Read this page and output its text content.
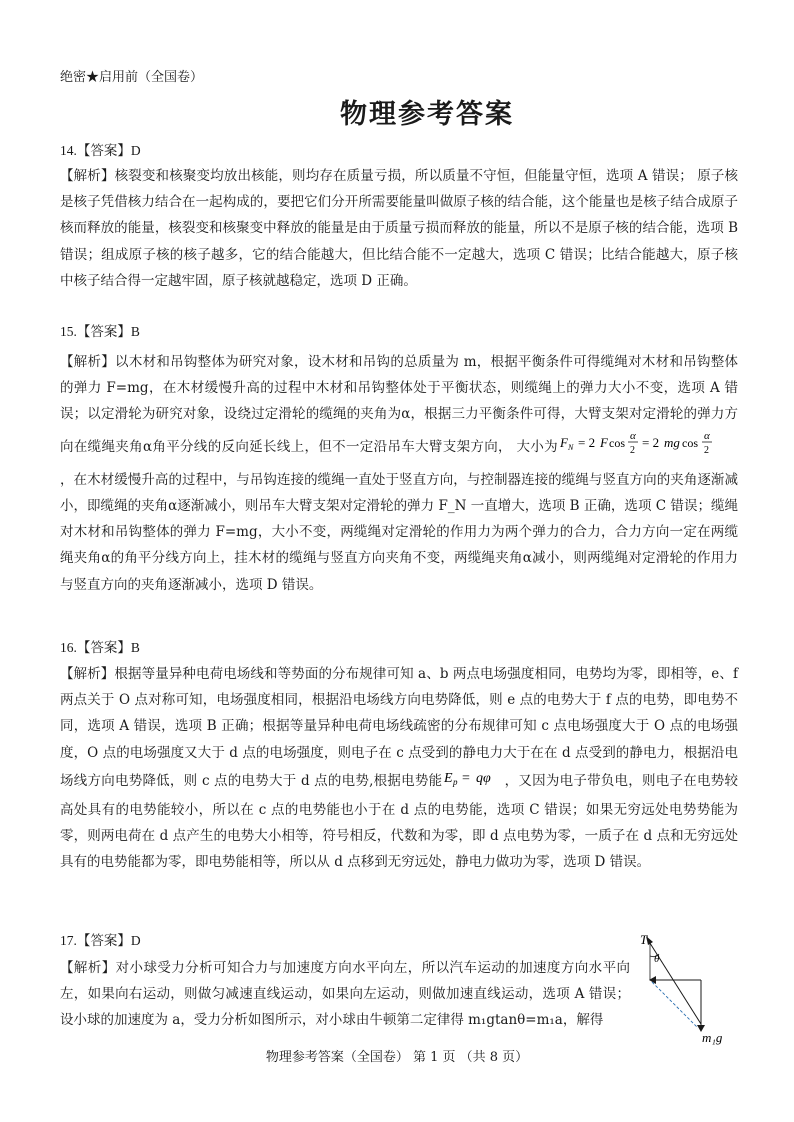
绝密★启用前（全国卷）
物理参考答案
14.【答案】D

【解析】核裂变和核聚变均放出核能，则均存在质量亏损，所以质量不守恒，但能量守恒，选项 A 错误； 原子核是核子凭借核力结合在一起构成的，要把它们分开所需要能量叫做原子核的结合能，这个能量也是核子结合成原子核而释放的能量，核裂变和核聚变中释放的能量是由于质量亏损而释放的能量，所以不是原子核的结合能，选项 B 错误；组成原子核的核子越多，它的结合能越大，但比结合能不一定越大，选项 C 错误；比结合能越大，原子核中核子结合得一定越牢固，原子核就越稳定，选项 D 正确。

15.【答案】B

【解析】以木材和吊钩整体为研究对象，设木材和吊钩的总质量为 m，根据平衡条件可得缆绳对木材和吊钩整体的弹力 F=mg，在木材缓慢升高的过程中木材和吊钩整体处于平衡状态，则缆绳上的弹力大小不变，选项 A 错误；以定滑轮为研究对象，设绕过定滑轮的缆绳的夹角为α，根据三力平衡条件可得，大臂支架对定滑轮的弹力方向在缆绳夹角α角平分线的反向延长线上，但不一定沿吊车大臂支架方向， 大小为 F N = 2 F cos α
2
= 2 mg cos α
2
，在木材缓慢升高的过程中，与吊钩连接的缆绳一直处于竖直方向，与控制器连接的缆绳与竖直方向的夹角逐渐减小，即缆绳的夹角α逐渐减小，则吊车大臂支架对定滑轮的弹力 F_N 一直增大，选项 B 正确，选项 C 错误；缆绳对木材和吊钩整体的弹力 F=mg，大小不变，两缆绳对定滑轮的作用力为两个弹力的合力，合力方向一定在两缆绳夹角α的角平分线方向上，挂木材的缆绳与竖直方向夹角不变，两缆绳夹角α减小，则两缆绳对定滑轮的作用力与竖直方向的夹角逐渐减小，选项 D 错误。

16.【答案】B

【解析】根据等量异种电荷电场线和等势面的分布规律可知 a、b 两点电场强度相同，电势均为零，即相等，e、f 两点关于 O 点对称可知，电场强度相同，根据沿电场线方向电势降低，则 e 点的电势大于 f 点的电势，即电势不同，选项 A 错误，选项 B 正确；根据等量异种电荷电场线疏密的分布规律可知 c 点电场强度大于 O 点的电场强度，O 点的电场强度又大于 d 点的电场强度，则电子在 c 点受到的静电力大于在在 d 点受到的静电力，根据沿电场线方向电势降低，则 c 点的电势大于 d 点的电势,根据电势能 E p = qφ ，又因为电子带负电，则电子在电势较高处具有的电势能较小，所以在 c 点的电势能也小于在 d 点的电势能，选项 C 错误；如果无穷远处电势势能为零，则两电荷在 d 点产生的电势大小相等，符号相反，代数和为零，即 d 点电势为零，一质子在 d 点和无穷远处具有的电势能都为零，即电势能相等，所以从 d 点移到无穷远处，静电力做功为零，选项 D 错误。

17.【答案】D

【解析】对小球受力分析可知合力与加速度方向水平向左，所以汽车运动的加速度方向水平向左，如果向右运动，则做匀减速直线运动，如果向左运动，则做加速直线运动，选项 A 错误；设小球的加速度为 a，受力分析如图所示，对小球由牛顿第二定律得 m₁gtanθ=m₁a，解得

T
θ
m₁g
物理参考答案（全国卷） 第 1 页 （共 8 页）
